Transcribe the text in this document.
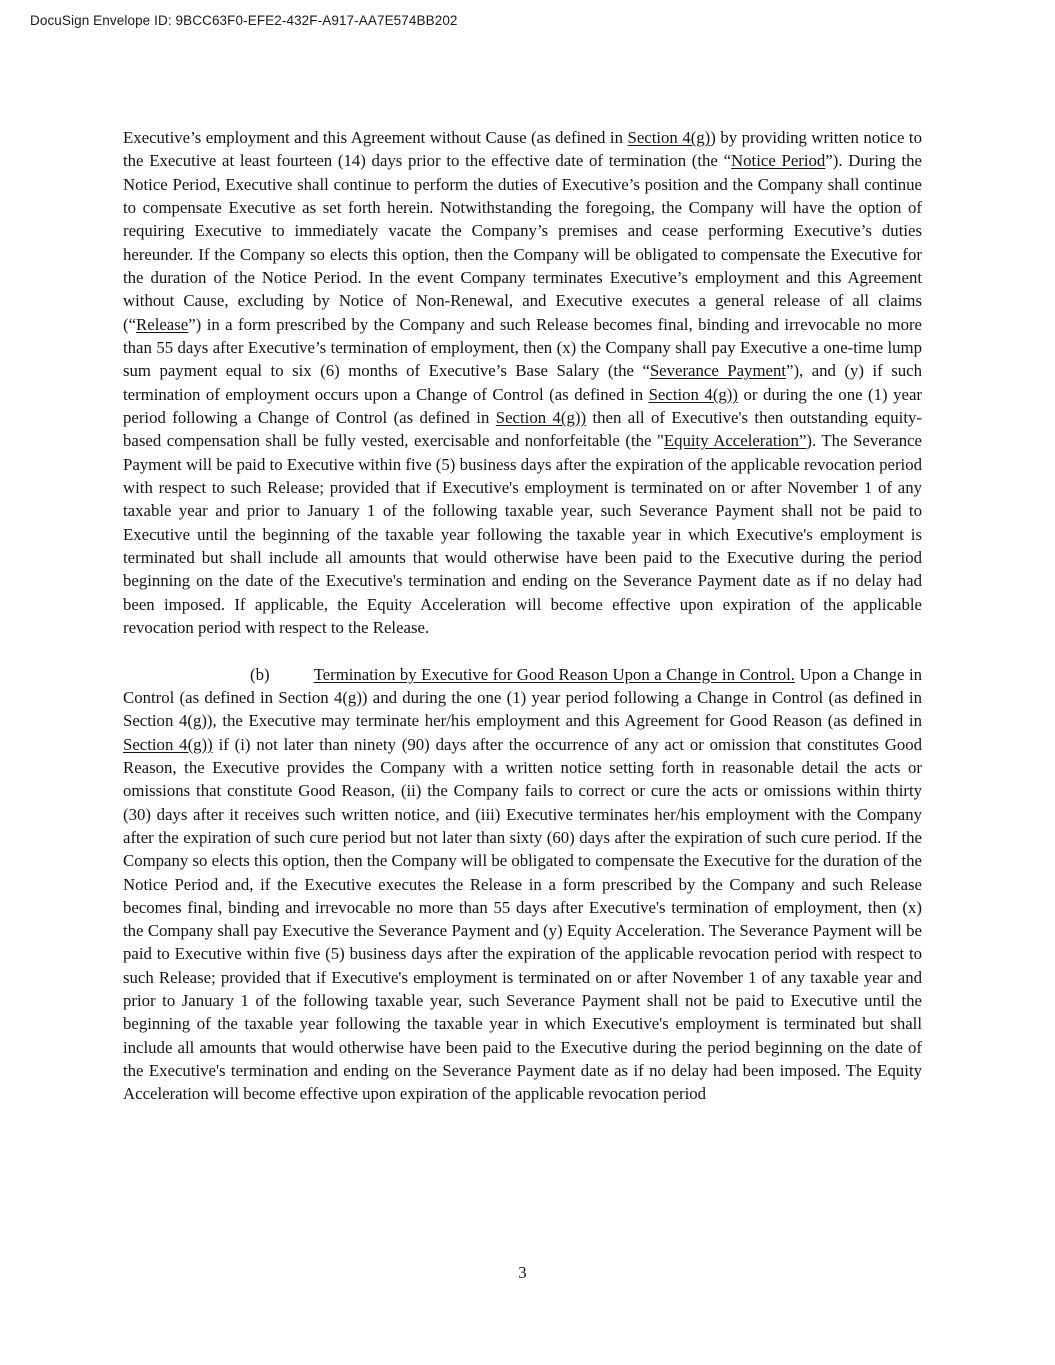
DocuSign Envelope ID: 9BCC63F0-EFE2-432F-A917-AA7E574BB202

Executive’s employment and this Agreement without Cause (as defined in Section 4(g)) by providing written notice to the Executive at least fourteen (14) days prior to the effective date of termination (the “Notice Period”). During the Notice Period, Executive shall continue to perform the duties of Executive’s position and the Company shall continue to compensate Executive as set forth herein. Notwithstanding the foregoing, the Company will have the option of requiring Executive to immediately vacate the Company’s premises and cease performing Executive’s duties hereunder. If the Company so elects this option, then the Company will be obligated to compensate the Executive for the duration of the Notice Period. In the event Company terminates Executive’s employment and this Agreement without Cause, excluding by Notice of Non-Renewal, and Executive executes a general release of all claims (“Release”) in a form prescribed by the Company and such Release becomes final, binding and irrevocable no more than 55 days after Executive’s termination of employment, then (x) the Company shall pay Executive a one-time lump sum payment equal to six (6) months of Executive’s Base Salary (the “Severance Payment”), and (y) if such termination of employment occurs upon a Change of Control (as defined in Section 4(g)) or during the one (1) year period following a Change of Control (as defined in Section 4(g)) then all of Executive's then outstanding equity-based compensation shall be fully vested, exercisable and nonforfeitable (the "Equity Acceleration”). The Severance Payment will be paid to Executive within five (5) business days after the expiration of the applicable revocation period with respect to such Release; provided that if Executive's employment is terminated on or after November 1 of any taxable year and prior to January 1 of the following taxable year, such Severance Payment shall not be paid to Executive until the beginning of the taxable year following the taxable year in which Executive's employment is terminated but shall include all amounts that would otherwise have been paid to the Executive during the period beginning on the date of the Executive's termination and ending on the Severance Payment date as if no delay had been imposed. If applicable, the Equity Acceleration will become effective upon expiration of the applicable revocation period with respect to the Release.

(b)	Termination by Executive for Good Reason Upon a Change in Control. Upon a Change in Control (as defined in Section 4(g)) and during the one (1) year period following a Change in Control (as defined in Section 4(g)), the Executive may terminate her/his employment and this Agreement for Good Reason (as defined in Section 4(g)) if (i) not later than ninety (90) days after the occurrence of any act or omission that constitutes Good Reason, the Executive provides the Company with a written notice setting forth in reasonable detail the acts or omissions that constitute Good Reason, (ii) the Company fails to correct or cure the acts or omissions within thirty (30) days after it receives such written notice, and (iii) Executive terminates her/his employment with the Company after the expiration of such cure period but not later than sixty (60) days after the expiration of such cure period. If the Company so elects this option, then the Company will be obligated to compensate the Executive for the duration of the Notice Period and, if the Executive executes the Release in a form prescribed by the Company and such Release becomes final, binding and irrevocable no more than 55 days after Executive's termination of employment, then (x) the Company shall pay Executive the Severance Payment and (y) Equity Acceleration. The Severance Payment will be paid to Executive within five (5) business days after the expiration of the applicable revocation period with respect to such Release; provided that if Executive's employment is terminated on or after November 1 of any taxable year and prior to January 1 of the following taxable year, such Severance Payment shall not be paid to Executive until the beginning of the taxable year following the taxable year in which Executive's employment is terminated but shall include all amounts that would otherwise have been paid to the Executive during the period beginning on the date of the Executive's termination and ending on the Severance Payment date as if no delay had been imposed. The Equity Acceleration will become effective upon expiration of the applicable revocation period

3
